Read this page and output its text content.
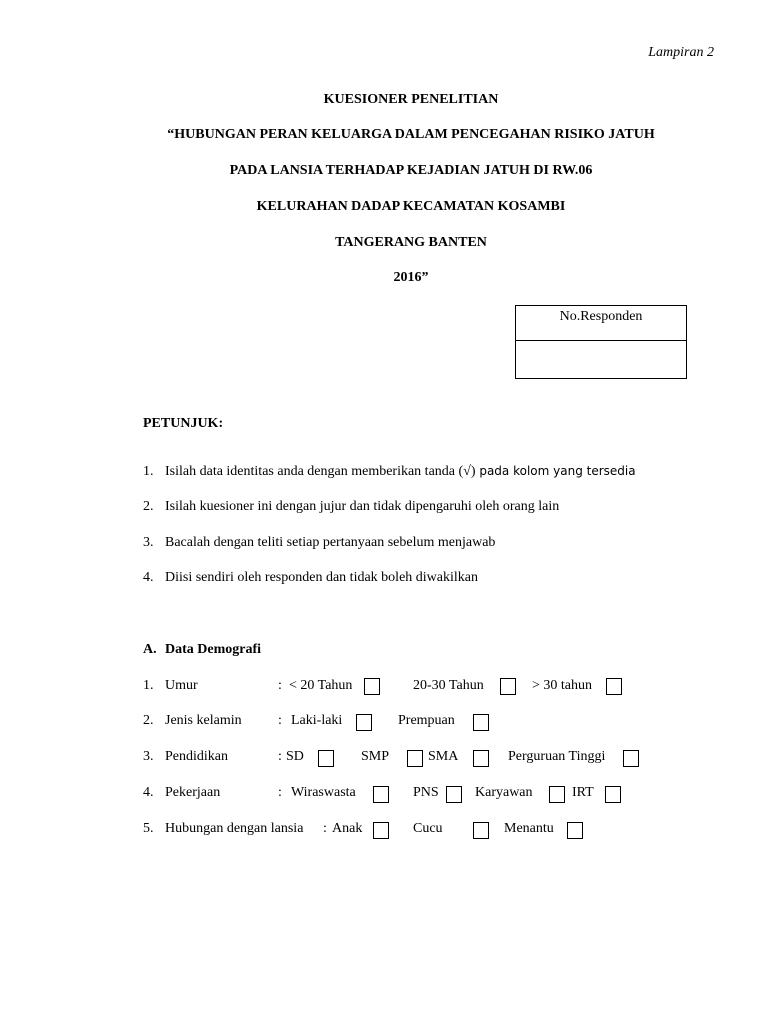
Lampiran 2
KUESIONER PENELITIAN
“HUBUNGAN PERAN KELUARGA DALAM PENCEGAHAN RISIKO JATUH
PADA LANSIA TERHADAP KEJADIAN JATUH DI RW.06
KELURAHAN DADAP KECAMATAN KOSAMBI
TANGERANG BANTEN
2016”
No.Responden
PETUNJUK:
1. Isilah data identitas anda dengan memberikan tanda (√) pada kolom yang tersedia
2. Isilah kuesioner ini dengan jujur dan tidak dipengaruhi oleh orang lain
3. Bacalah dengan teliti setiap pertanyaan sebelum menjawab
4. Diisi sendiri oleh responden dan tidak boleh diwakilkan
A. Data Demografi
1. Umur	: < 20 Tahun	20-30 Tahun	> 30 tahun
2. Jenis kelamin	: Laki-laki	Prempuan
3. Pendidikan	: SD	SMP	SMA	Perguruan Tinggi
4. Pekerjaan	: Wiraswasta	PNS	Karyawan	IRT
5. Hubungan dengan lansia : Anak	Cucu	Menantu
